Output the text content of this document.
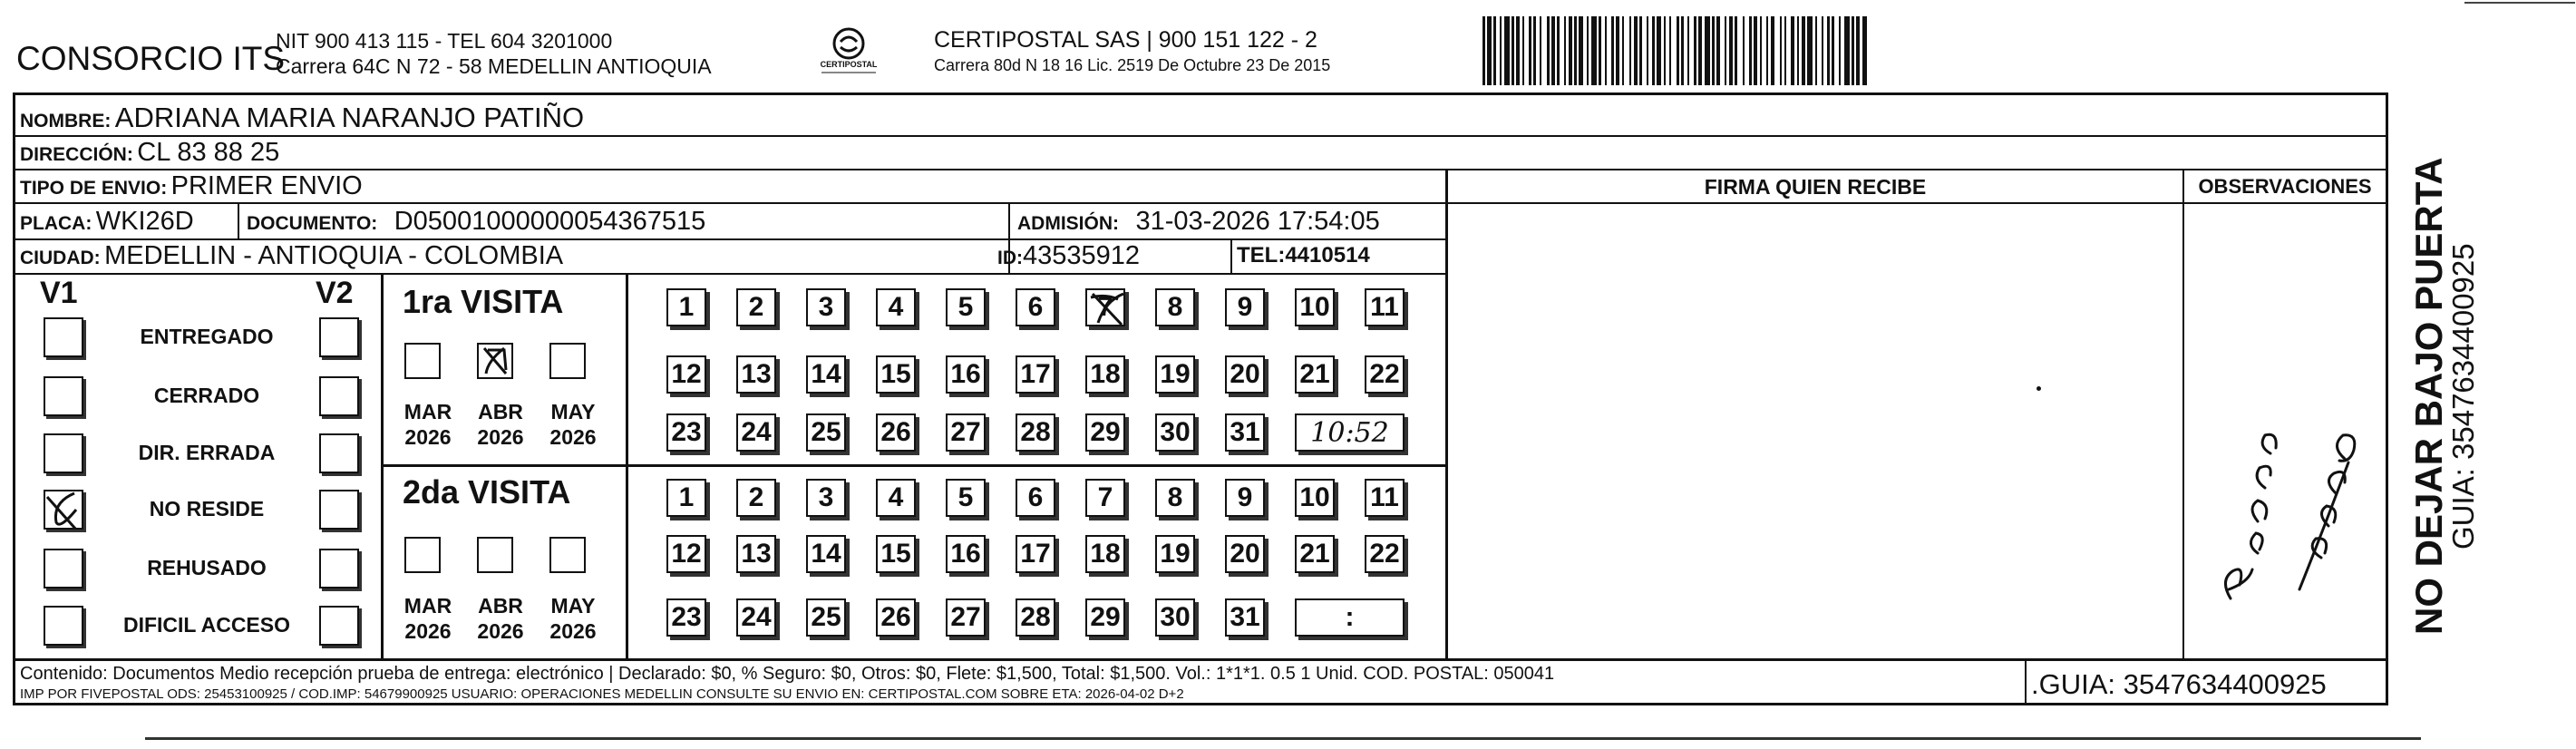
CONSORCIO ITS
NIT 900 413 115 - TEL 604 3201000
Carrera 64C N 72 - 58 MEDELLIN ANTIOQUIA	CERTIPOSTAL
CERTIPOSTAL SAS | 900 151 122 - 2
Carrera 80d N 18 16 Lic. 2519 De Octubre 23 De 2015
NOMBRE: ADRIANA MARIA NARANJO PATIÑO
DIRECCIÓN: CL 83 88 25
TIPO DE ENVIO: PRIMER ENVIO
PLACA: WKI26D	DOCUMENTO: D05001000000054367515	ADMISIÓN: 31-03-2026 17:54:05
CIUDAD: MEDELLIN - ANTIOQUIA - COLOMBIA	ID:43535912	TEL:4410514
FIRMA QUIEN RECIBE	OBSERVACIONES
V1	V2
ENTREGADO
CERRADO
DIR. ERRADA
NO RESIDE
REHUSADO
DIFICIL ACCESO
1ra VISITA
2da VISITA
MAR
2026
ABR
2026
MAY
2026
MAR
2026
ABR
2026
MAY
2026
1 2 3 4 5 6 7 8 9 10 11
12 13 14 15 16 17 18 19 20 21 22
23 24 25 26 27 28 29 30 31 10:52
1 2 3 4 5 6 7 8 9 10 11
12 13 14 15 16 17 18 19 20 21 22
23 24 25 26 27 28 29 30 31	:
Contenido: Documentos Medio recepción prueba de entrega: electrónico | Declarado: $0, % Seguro: $0, Otros: $0, Flete: $1,500, Total: $1,500. Vol.: 1*1*1. 0.5 1 Unid. COD. POSTAL: 050041
IMP POR FIVEPOSTAL ODS: 25453100925 / COD.IMP: 54679900925 USUARIO: OPERACIONES MEDELLIN CONSULTE SU ENVIO EN: CERTIPOSTAL.COM SOBRE ETA: 2026-04-02 D+2	.GUIA: 3547634400925
NO DEJAR BAJO PUERTA
GUIA: 3547634400925
